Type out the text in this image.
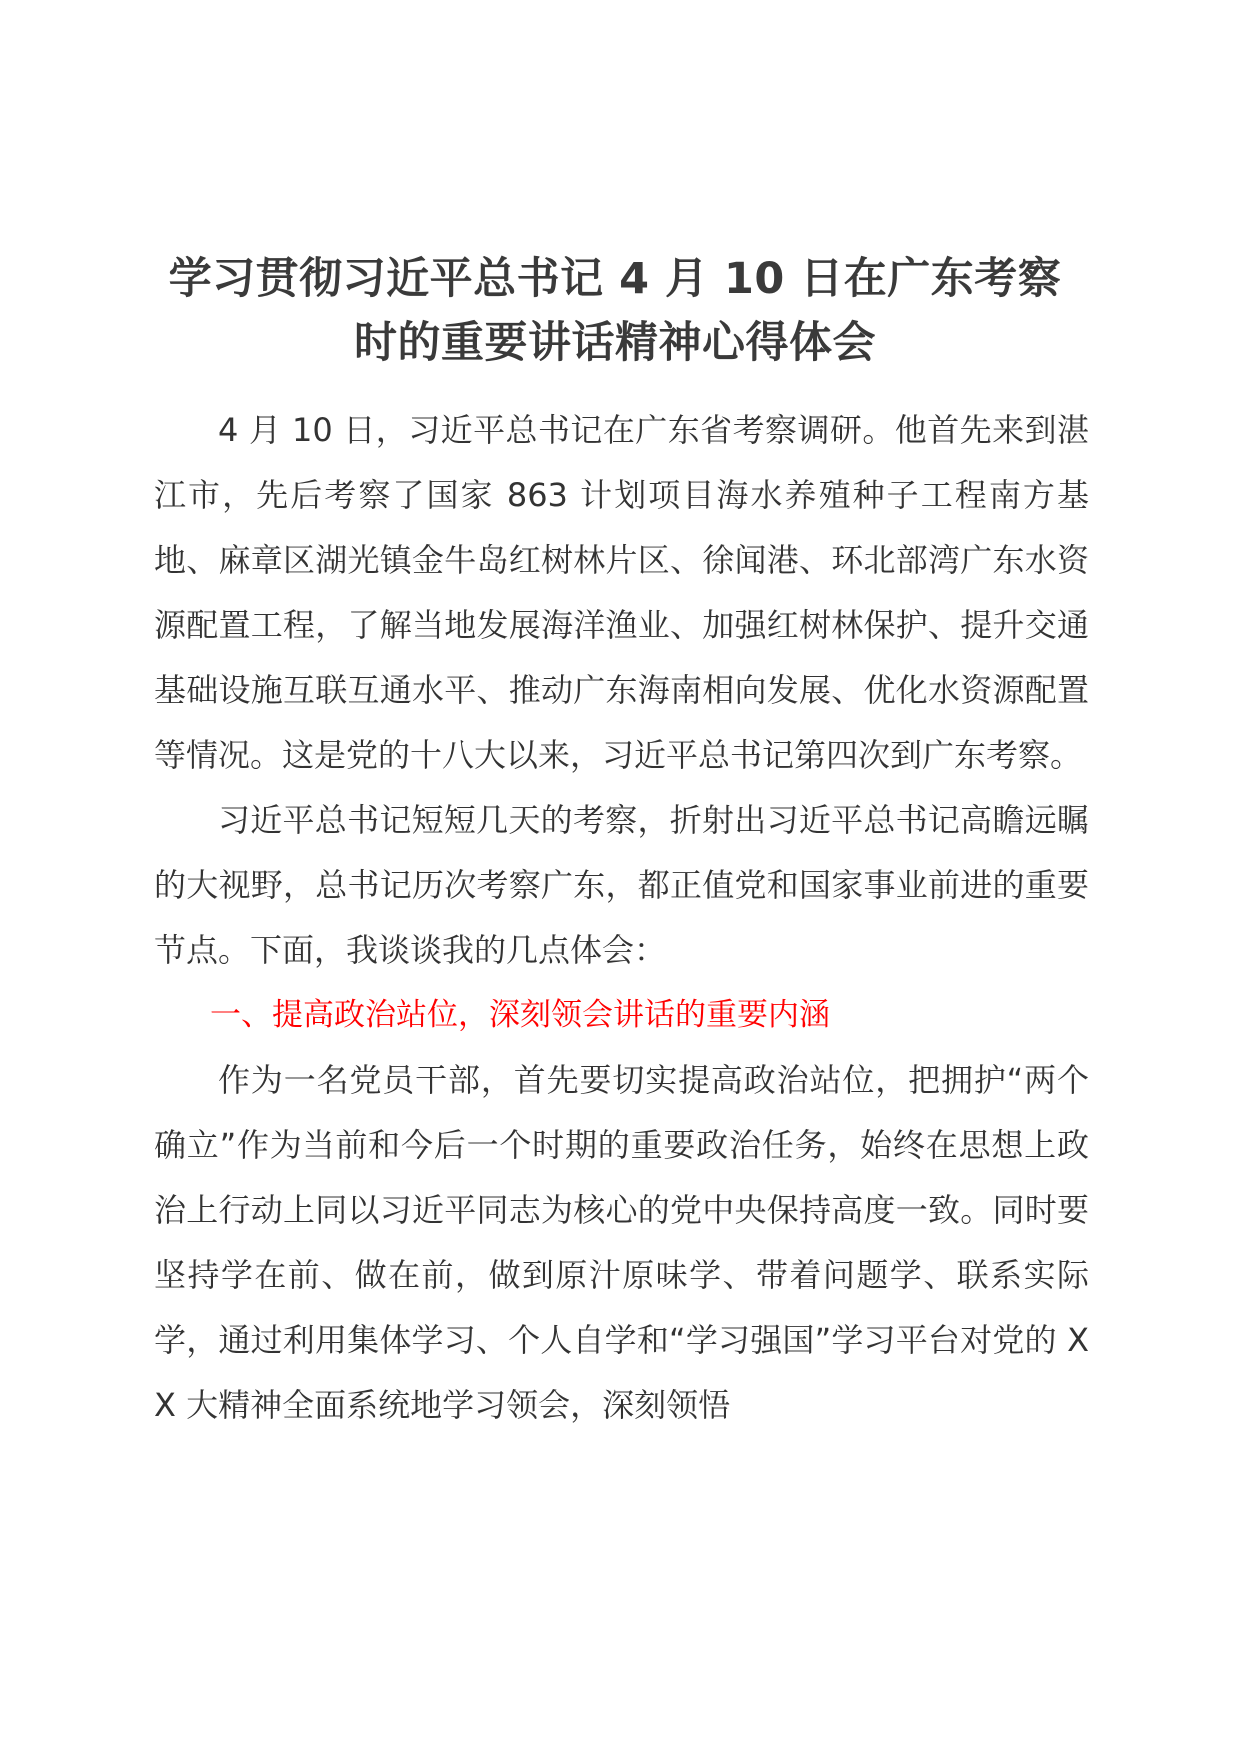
学习贯彻习近平总书记 4 月 10 日在广东考察
时的重要讲话精神心得体会

4 月 10 日，习近平总书记在广东省考察调研。他首先来到湛江市，先后考察了国家 863 计划项目海水养殖种子工程南方基地、麻章区湖光镇金牛岛红树林片区、徐闻港、环北部湾广东水资源配置工程，了解当地发展海洋渔业、加强红树林保护、提升交通基础设施互联互通水平、推动广东海南相向发展、优化水资源配置等情况。这是党的十八大以来，习近平总书记第四次到广东考察。

习近平总书记短短几天的考察，折射出习近平总书记高瞻远瞩的大视野，总书记历次考察广东，都正值党和国家事业前进的重要节点。下面，我谈谈我的几点体会：

一、提高政治站位，深刻领会讲话的重要内涵

作为一名党员干部，首先要切实提高政治站位，把拥护“两个确立”作为当前和今后一个时期的重要政治任务，始终在思想上政治上行动上同以习近平同志为核心的党中央保持高度一致。同时要坚持学在前、做在前，做到原汁原味学、带着问题学、联系实际学，通过利用集体学习、个人自学和“学习强国”学习平台对党的 XX 大精神全面系统地学习领会，深刻领悟
